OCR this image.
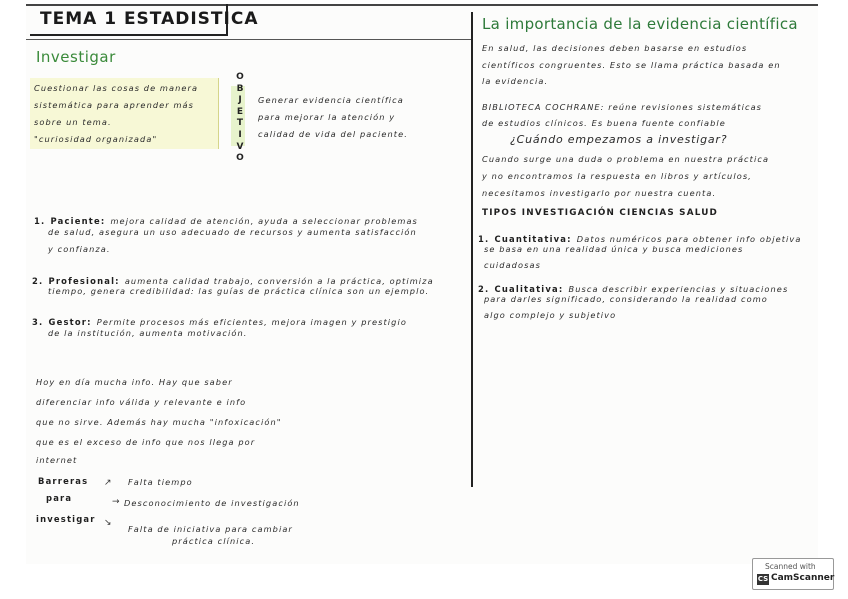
TEMA 1 ESTADISTICA
Investigar
Cuestionar las cosas de manera
sistemática para aprender más
sobre un tema.
"curiosidad organizada"
O
B
J
E
T
I
V
O
Generar evidencia científica
para mejorar la atención y
calidad de vida del paciente.
1. Paciente: mejora calidad de atención, ayuda a seleccionar problemas
de salud, asegura un uso adecuado de recursos y aumenta satisfacción
y confianza.
2. Profesional: aumenta calidad trabajo, conversión a la práctica, optimiza
tiempo, genera credibilidad: las guías de práctica clínica son un ejemplo.
3. Gestor: Permite procesos más eficientes, mejora imagen y prestigio
de la institución, aumenta motivación.
Hoy en día mucha info. Hay que saber
diferenciar info válida y relevante e info
que no sirve. Además hay mucha "infoxicación"
que es el exceso de info que nos llega por
internet
Barreras
para
investigar
↗
→
↘
Falta tiempo
Desconocimiento de investigación
Falta de iniciativa para cambiar
práctica clínica.
La importancia de la evidencia científica
En salud, las decisiones deben basarse en estudios
científicos congruentes. Esto se llama práctica basada en
la evidencia.
BIBLIOTECA COCHRANE: reúne revisiones sistemáticas
de estudios clínicos. Es buena fuente confiable
¿Cuándo empezamos a investigar?
Cuando surge una duda o problema en nuestra práctica
y no encontramos la respuesta en libros y artículos,
necesitamos investigarlo por nuestra cuenta.
TIPOS INVESTIGACIÓN CIENCIAS SALUD
1. Cuantitativa: Datos numéricos para obtener info objetiva
se basa en una realidad única y busca mediciones
cuidadosas
2. Cualitativa: Busca describir experiencias y situaciones
para darles significado, considerando la realidad como
algo complejo y subjetivo
Scanned with
CS CamScanner
